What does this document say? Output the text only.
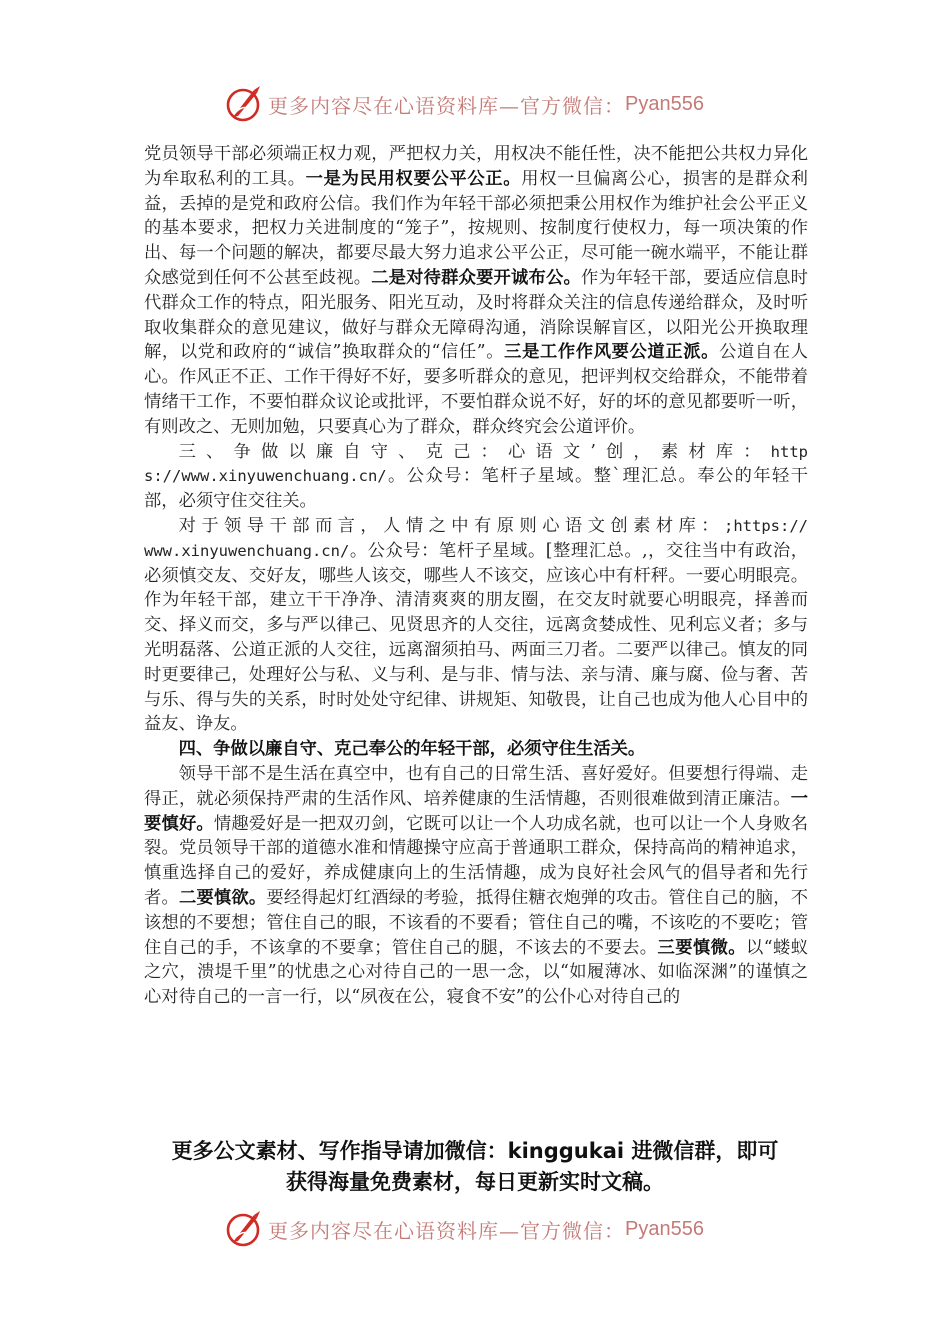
更多内容尽在心语资料库—官方微信： Pyan556

党员领导干部必须端正权力观，严把权力关，用权决不能任性，决不能把公共权力异化为牟取私利的工具。一是为民用权要公平公正。用权一旦偏离公心，损害的是群众利益，丢掉的是党和政府公信。我们作为年轻干部必须把秉公用权作为维护社会公平正义的基本要求，把权力关进制度的“笼子”，按规则、按制度行使权力，每一项决策的作出、每一个问题的解决，都要尽最大努力追求公平公正，尽可能一碗水端平，不能让群众感觉到任何不公甚至歧视。二是对待群众要开诚布公。作为年轻干部，要适应信息时代群众工作的特点，阳光服务、阳光互动，及时将群众关注的信息传递给群众，及时听取收集群众的意见建议，做好与群众无障碍沟通，消除误解盲区，以阳光公开换取理解，以党和政府的“诚信”换取群众的“信任”。三是工作作风要公道正派。公道自在人心。作风正不正、工作干得好不好，要多听群众的意见，把评判权交给群众，不能带着情绪干工作，不要怕群众议论或批评，不要怕群众说不好，好的坏的意见都要听一听，有则改之、无则加勉，只要真心为了群众，群众终究会公道评价。

三、争做以廉自守、克己：心语文’创，素材库：https://www.xinyuwenchuang.cn/。公众号：笔杆子星域。整`理汇总。奉公的年轻干部，必须守住交往关。

对于领导干部而言，人情之中有原则心语文创素材库：;https://www.xinyuwenchuang.cn/。公众号：笔杆子星域。[整理汇总。,，交往当中有政治，必须慎交友、交好友，哪些人该交，哪些人不该交，应该心中有杆秤。一要心明眼亮。作为年轻干部，建立干干净净、清清爽爽的朋友圈，在交友时就要心明眼亮，择善而交、择义而交，多与严以律己、见贤思齐的人交往，远离贪婪成性、见利忘义者；多与光明磊落、公道正派的人交往，远离溜须拍马、两面三刀者。二要严以律己。慎友的同时更要律己，处理好公与私、义与利、是与非、情与法、亲与清、廉与腐、俭与奢、苦与乐、得与失的关系，时时处处守纪律、讲规矩、知敬畏，让自己也成为他人心目中的益友、诤友。

四、争做以廉自守、克己奉公的年轻干部，必须守住生活关。

领导干部不是生活在真空中，也有自己的日常生活、喜好爱好。但要想行得端、走得正，就必须保持严肃的生活作风、培养健康的生活情趣，否则很难做到清正廉洁。一要慎好。情趣爱好是一把双刃剑，它既可以让一个人功成名就，也可以让一个人身败名裂。党员领导干部的道德水准和情趣操守应高于普通职工群众，保持高尚的精神追求，慎重选择自己的爱好，养成健康向上的生活情趣，成为良好社会风气的倡导者和先行者。二要慎欲。要经得起灯红酒绿的考验，抵得住糖衣炮弹的攻击。管住自己的脑，不该想的不要想；管住自己的眼，不该看的不要看；管住自己的嘴，不该吃的不要吃；管住自己的手，不该拿的不要拿；管住自己的腿，不该去的不要去。三要慎微。以“蝼蚁之穴，溃堤千里”的忧患之心对待自己的一思一念，以“如履薄冰、如临深渊”的谨慎之心对待自己的一言一行，以“夙夜在公，寝食不安”的公仆心对待自己的

更多公文素材、写作指导请加微信：kinggukai 进微信群，即可
获得海量免费素材，每日更新实时文稿。
更多内容尽在心语资料库—官方微信： Pyan556
